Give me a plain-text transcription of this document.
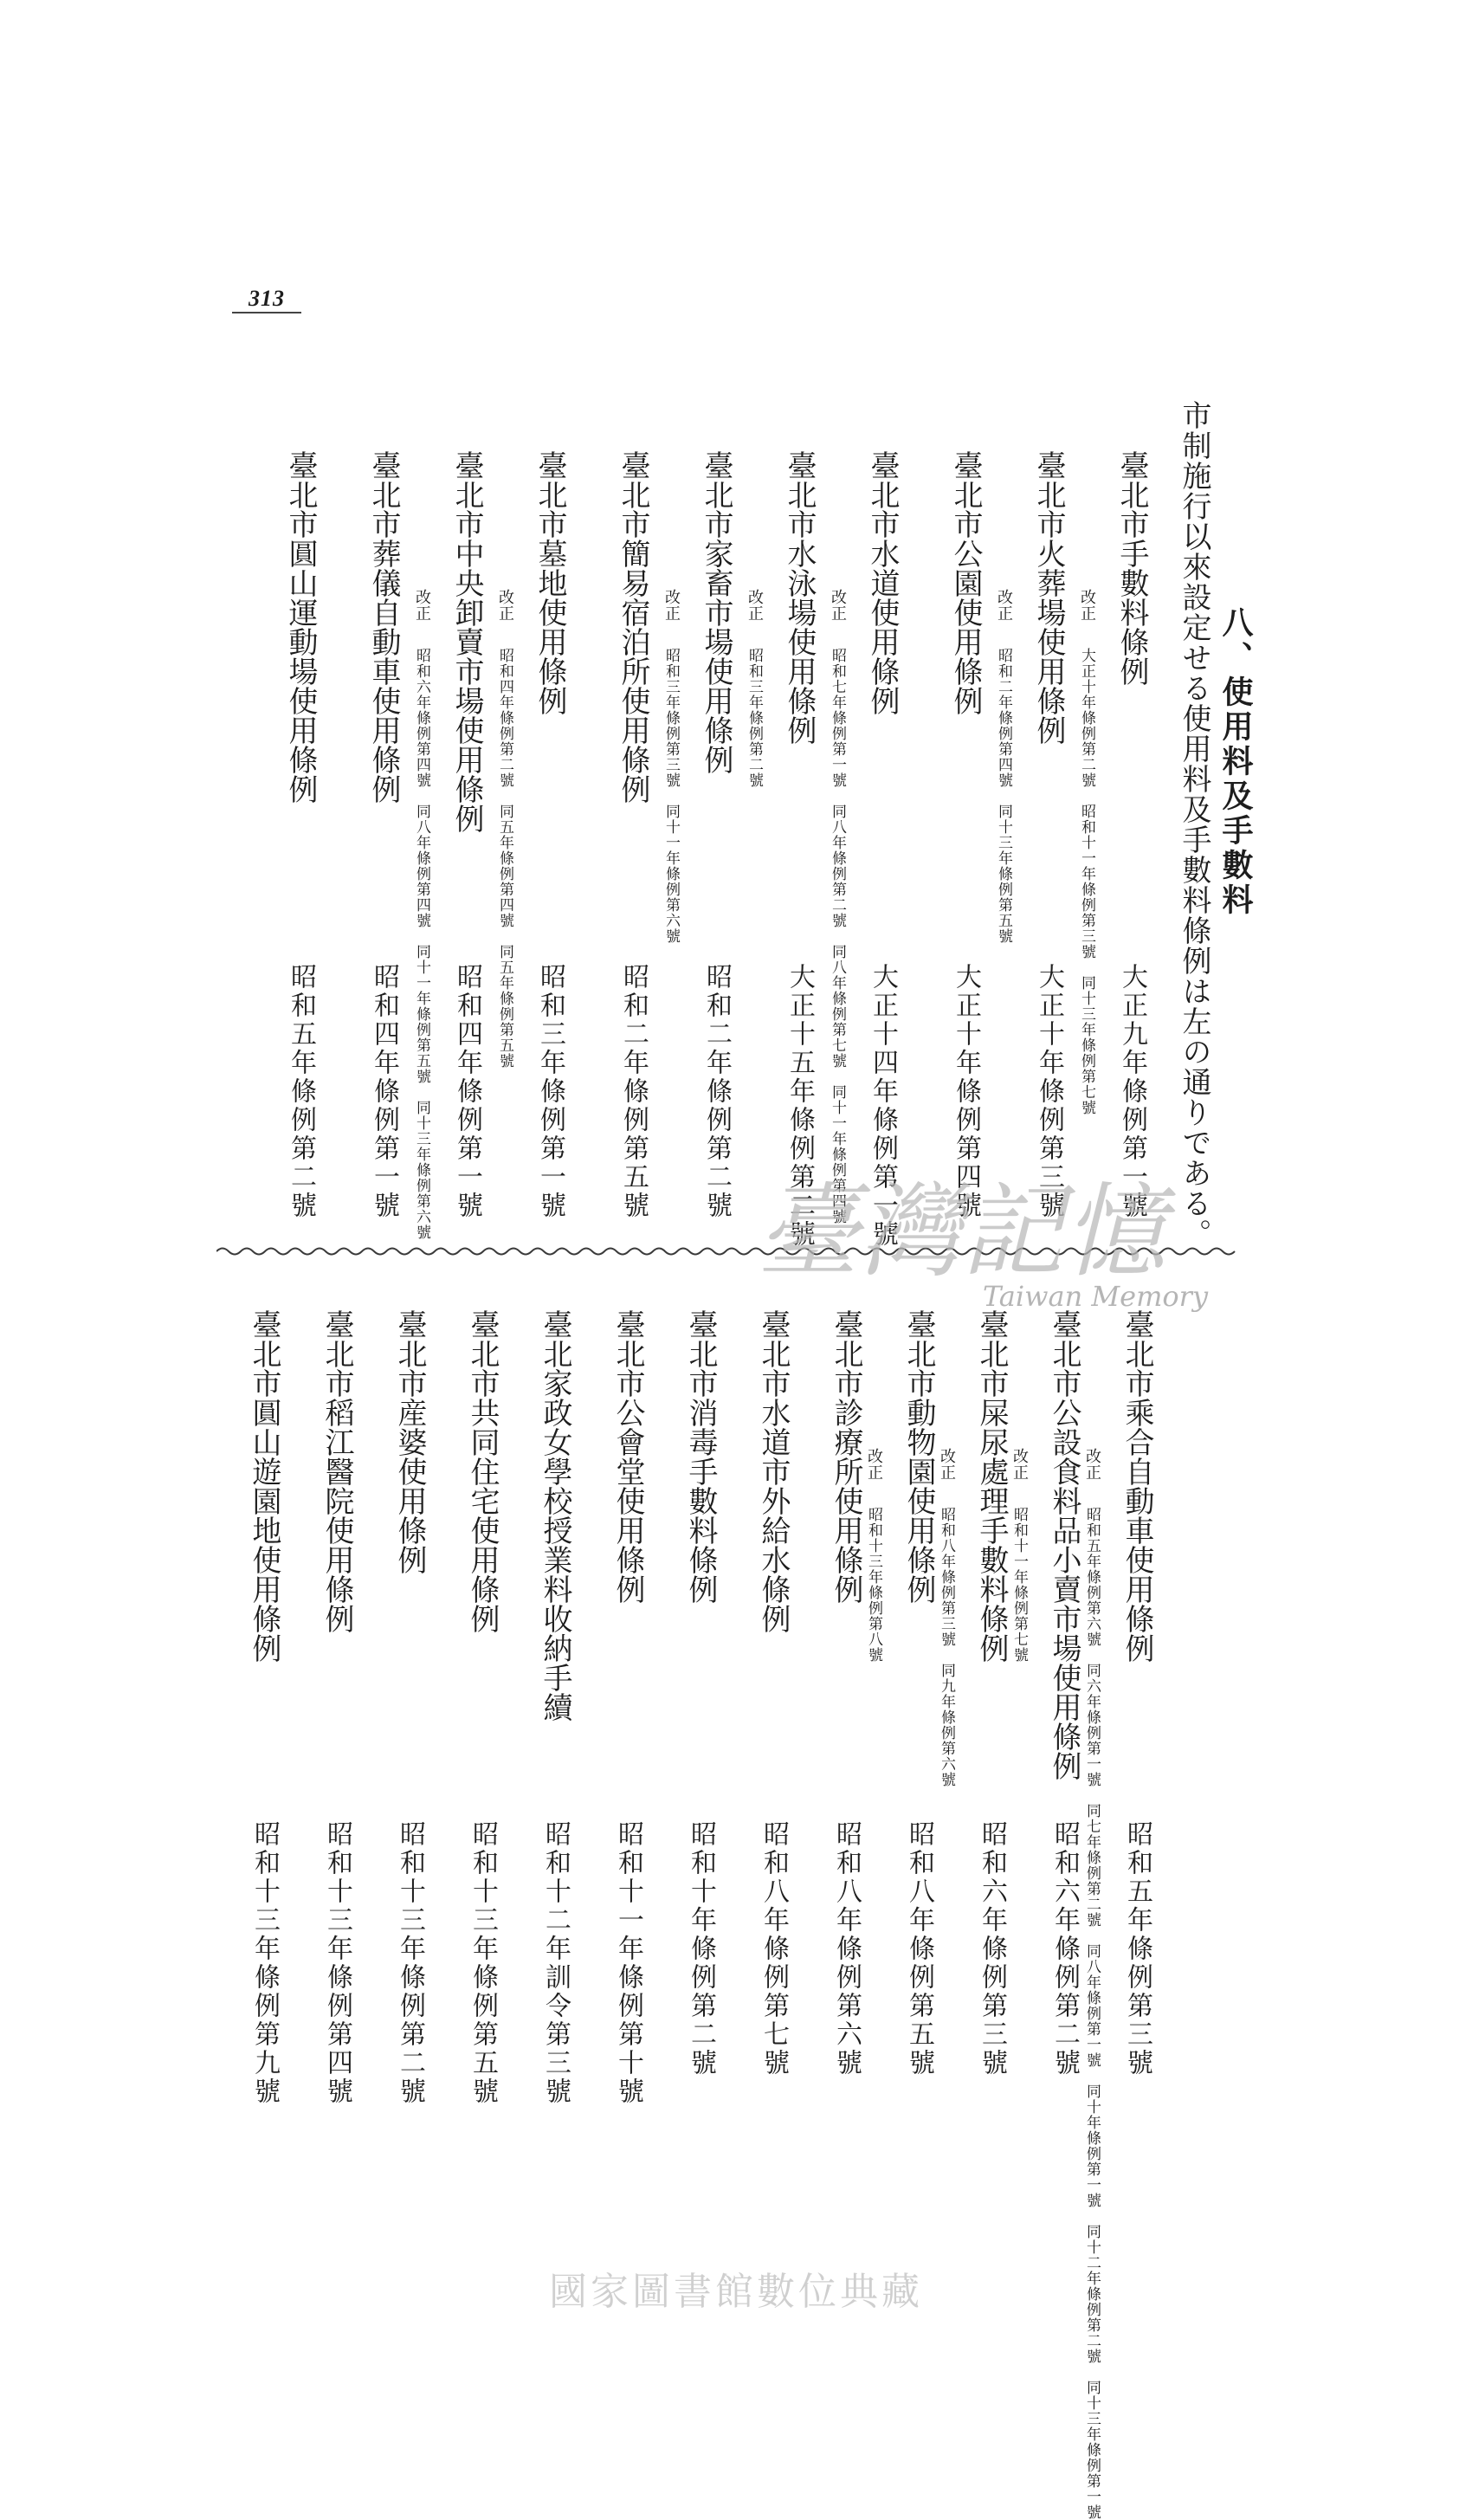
313
八、使用料及手數料
市制施行以來設定せる使用料及手數料條例は左の通りである。
臺北市手數料條例
大正九年條例第一號
改正大正十年條例第二號　昭和十一年條例第三號　同十三年條例第七號
臺北市火葬場使用條例
大正十年條例第三號
改正昭和二年條例第四號　同十三年條例第五號
臺北市公園使用條例
大正十年條例第四號
臺北市水道使用條例
大正十四年條例第一號
改正昭和七年條例第一號　同八年條例第二號　同八年條例第七號　同十一年條例第四號
臺北市水泳場使用條例
大正十五年條例第二號
改正昭和三年條例第二號
臺北市家畜市場使用條例
昭和二年條例第二號
改正昭和三年條例第三號　同十一年條例第六號
臺北市簡易宿泊所使用條例
昭和二年條例第五號
臺北市墓地使用條例
昭和三年條例第一號
改正昭和四年條例第二號　同五年條例第四號　同五年條例第五號
臺北市中央卸賣市場使用條例
昭和四年條例第一號
改正昭和六年條例第四號　同八年條例第四號　同十一年條例第五號　同十三年條例第六號
臺北市葬儀自動車使用條例
昭和四年條例第一號
臺北市圓山運動場使用條例
昭和五年條例第二號
臺北市乘合自動車使用條例
昭和五年條例第三號
改正昭和五年條例第六號　同六年條例第一號　同七年條例第二號　同八年條例第一號　同十年條例第一號　同十二年條例第二號　同十三年條例第一號
臺北市公設食料品小賣市場使用條例
昭和六年條例第二號
改正昭和十一年條例第七號
臺北市屎尿處理手數料條例
昭和六年條例第三號
改正昭和八年條例第三號　同九年條例第六號
臺北市動物園使用條例
昭和八年條例第五號
改正昭和十三年條例第八號
臺北市診療所使用條例
昭和八年條例第六號
臺北市水道市外給水條例
昭和八年條例第七號
臺北市消毒手數料條例
昭和十年條例第二號
臺北市公會堂使用條例
昭和十一年條例第十號
臺北家政女學校授業料收納手續
昭和十二年訓令第三號
臺北市共同住宅使用條例
昭和十三年條例第五號
臺北市産婆使用條例
昭和十三年條例第二號
臺北市稻江醫院使用條例
昭和十三年條例第四號
臺北市圓山遊園地使用條例
昭和十三年條例第九號
臺灣記憶
Taiwan Memory
國家圖書館數位典藏
